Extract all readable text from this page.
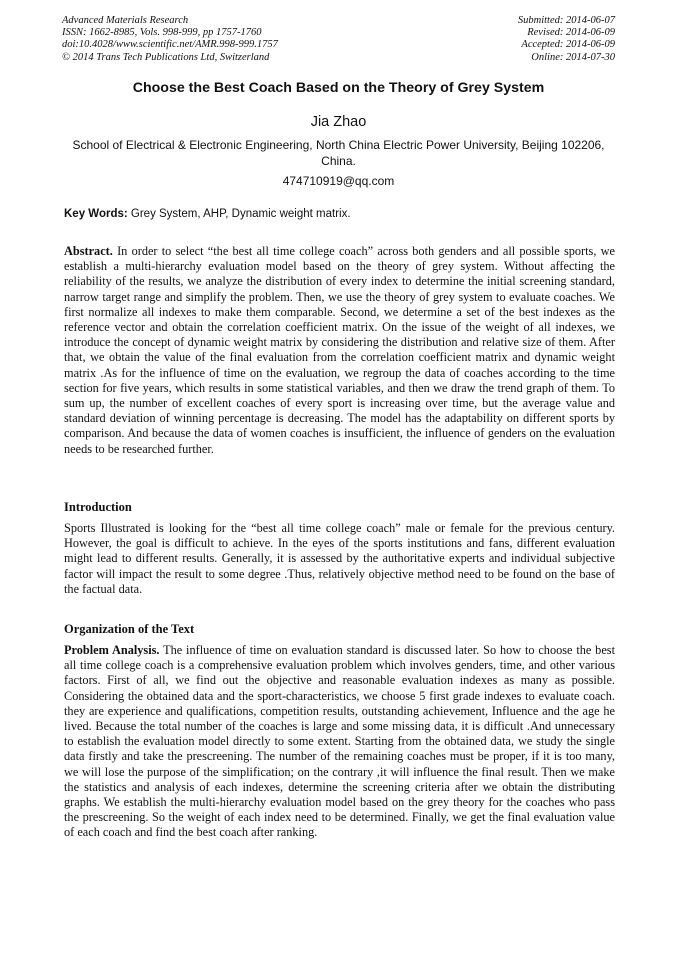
Advanced Materials Research
ISSN: 1662-8985, Vols. 998-999, pp 1757-1760
doi:10.4028/www.scientific.net/AMR.998-999.1757
© 2014 Trans Tech Publications Ltd, Switzerland
Submitted: 2014-06-07
Revised: 2014-06-09
Accepted: 2014-06-09
Online: 2014-07-30
Choose the Best Coach Based on the Theory of Grey System
Jia Zhao
School of Electrical & Electronic Engineering, North China Electric Power University, Beijing 102206, China.
474710919@qq.com
Key Words: Grey System, AHP, Dynamic weight matrix.
Abstract. In order to select “the best all time college coach” across both genders and all possible sports, we establish a multi-hierarchy evaluation model based on the theory of grey system. Without affecting the reliability of the results, we analyze the distribution of every index to determine the initial screening standard, narrow target range and simplify the problem. Then, we use the theory of grey system to evaluate coaches. We first normalize all indexes to make them comparable. Second, we determine a set of the best indexes as the reference vector and obtain the correlation coefficient matrix. On the issue of the weight of all indexes, we introduce the concept of dynamic weight matrix by considering the distribution and relative size of them. After that, we obtain the value of the final evaluation from the correlation coefficient matrix and dynamic weight matrix .As for the influence of time on the evaluation, we regroup the data of coaches according to the time section for five years, which results in some statistical variables, and then we draw the trend graph of them. To sum up, the number of excellent coaches of every sport is increasing over time, but the average value and standard deviation of winning percentage is decreasing. The model has the adaptability on different sports by comparison. And because the data of women coaches is insufficient, the influence of genders on the evaluation needs to be researched further.
Introduction
Sports Illustrated is looking for the “best all time college coach” male or female for the previous century. However, the goal is difficult to achieve. In the eyes of the sports institutions and fans, different evaluation might lead to different results. Generally, it is assessed by the authoritative experts and individual subjective factor will impact the result to some degree .Thus, relatively objective method need to be found on the base of the factual data.
Organization of the Text
Problem Analysis. The influence of time on evaluation standard is discussed later. So how to choose the best all time college coach is a comprehensive evaluation problem which involves genders, time, and other various factors. First of all, we find out the objective and reasonable evaluation indexes as many as possible. Considering the obtained data and the sport-characteristics, we choose 5 first grade indexes to evaluate coach. they are experience and qualifications, competition results, outstanding achievement, Influence and the age he lived. Because the total number of the coaches is large and some missing data, it is difficult .And unnecessary to establish the evaluation model directly to some extent. Starting from the obtained data, we study the single data firstly and take the prescreening. The number of the remaining coaches must be proper, if it is too many, we will lose the purpose of the simplification; on the contrary ,it will influence the final result. Then we make the statistics and analysis of each indexes, determine the screening criteria after we obtain the distributing graphs. We establish the multi-hierarchy evaluation model based on the grey theory for the coaches who pass the prescreening. So the weight of each index need to be determined. Finally, we get the final evaluation value of each coach and find the best coach after ranking.
